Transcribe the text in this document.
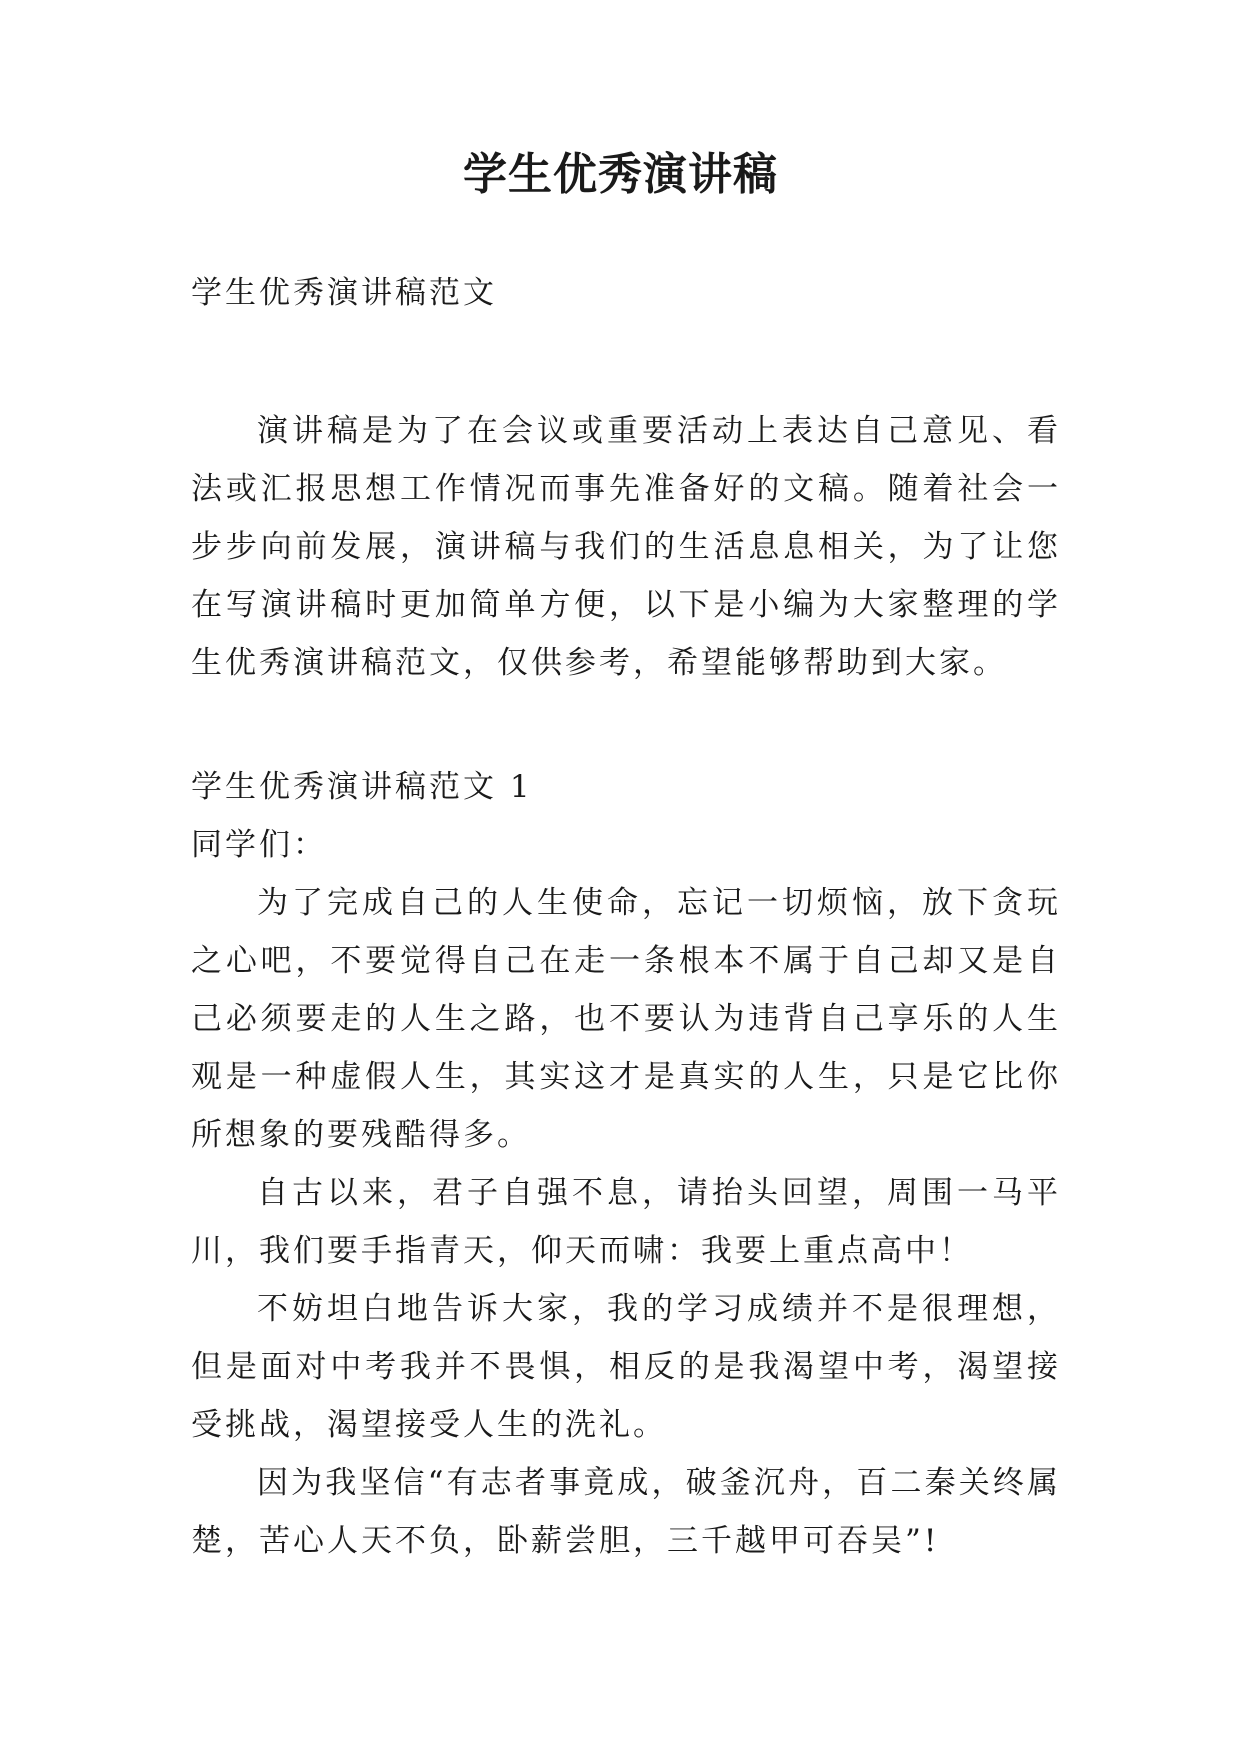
学生优秀演讲稿

学生优秀演讲稿范文

演讲稿是为了在会议或重要活动上表达自己意见、看法或汇报思想工作情况而事先准备好的文稿。随着社会一步步向前发展，演讲稿与我们的生活息息相关，为了让您在写演讲稿时更加简单方便，以下是小编为大家整理的学生优秀演讲稿范文，仅供参考，希望能够帮助到大家。

学生优秀演讲稿范文 1

同学们：

为了完成自己的人生使命，忘记一切烦恼，放下贪玩之心吧，不要觉得自己在走一条根本不属于自己却又是自己必须要走的人生之路，也不要认为违背自己享乐的人生观是一种虚假人生，其实这才是真实的人生，只是它比你所想象的要残酷得多。

自古以来，君子自强不息，请抬头回望，周围一马平川，我们要手指青天，仰天而啸：我要上重点高中！

不妨坦白地告诉大家，我的学习成绩并不是很理想，但是面对中考我并不畏惧，相反的是我渴望中考，渴望接受挑战，渴望接受人生的洗礼。

因为我坚信“有志者事竟成，破釜沉舟，百二秦关终属楚，苦心人天不负，卧薪尝胆，三千越甲可吞吴”!
